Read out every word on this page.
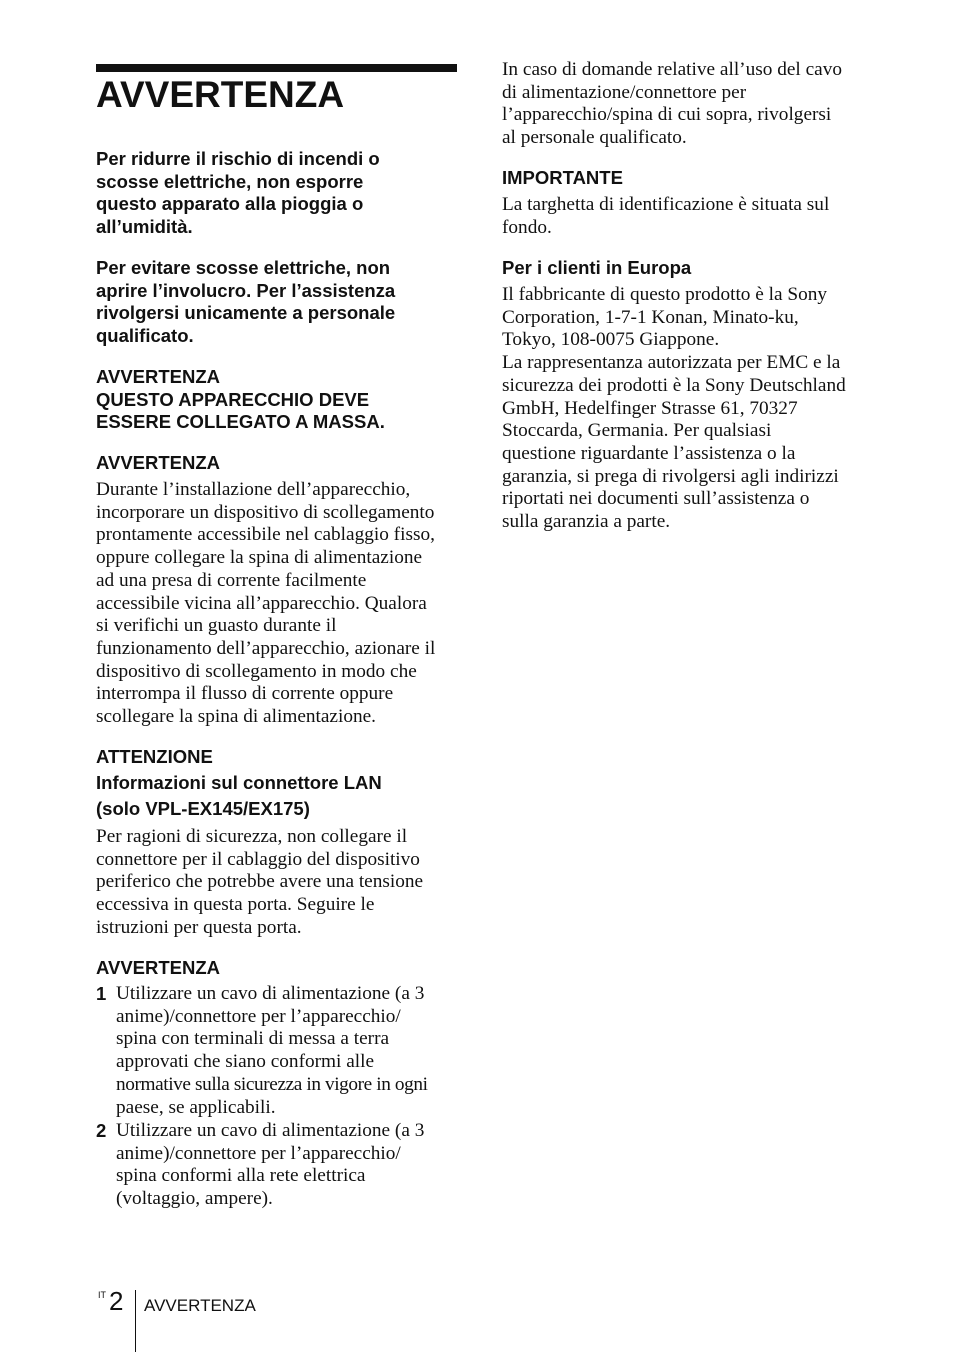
AVVERTENZA
Per ridurre il rischio di incendi o
scosse elettriche, non esporre
questo apparato alla pioggia o
all’umidità.
Per evitare scosse elettriche, non
aprire l’involucro. Per l’assistenza
rivolgersi unicamente a personale
qualificato.
AVVERTENZA
QUESTO APPARECCHIO DEVE
ESSERE COLLEGATO A MASSA.
AVVERTENZA
Durante l’installazione dell’apparecchio,
incorporare un dispositivo di scollegamento
prontamente accessibile nel cablaggio fisso,
oppure collegare la spina di alimentazione
ad una presa di corrente facilmente
accessibile vicina all’apparecchio. Qualora
si verifichi un guasto durante il
funzionamento dell’apparecchio, azionare il
dispositivo di scollegamento in modo che
interrompa il flusso di corrente oppure
scollegare la spina di alimentazione.
ATTENZIONE
Informazioni sul connettore LAN
(solo VPL-EX145/EX175)
Per ragioni di sicurezza, non collegare il
connettore per il cablaggio del dispositivo
periferico che potrebbe avere una tensione
eccessiva in questa porta. Seguire le
istruzioni per questa porta.
AVVERTENZA
1 Utilizzare un cavo di alimentazione (a 3
anime)/connettore per l’apparecchio/
spina con terminali di messa a terra
approvati che siano conformi alle
normative sulla sicurezza in vigore in ogni
paese, se applicabili.
2 Utilizzare un cavo di alimentazione (a 3
anime)/connettore per l’apparecchio/
spina conformi alla rete elettrica
(voltaggio, ampere).
In caso di domande relative all’uso del cavo
di alimentazione/connettore per
l’apparecchio/spina di cui sopra, rivolgersi
al personale qualificato.
IMPORTANTE
La targhetta di identificazione è situata sul
fondo.
Per i clienti in Europa
Il fabbricante di questo prodotto è la Sony
Corporation, 1-7-1 Konan, Minato-ku,
Tokyo, 108-0075 Giappone.
La rappresentanza autorizzata per EMC e la
sicurezza dei prodotti è la Sony Deutschland
GmbH, Hedelfinger Strasse 61, 70327
Stoccarda, Germania. Per qualsiasi
questione riguardante l’assistenza o la
garanzia, si prega di rivolgersi agli indirizzi
riportati nei documenti sull’assistenza o
sulla garanzia a parte.
IT 2 AVVERTENZA
